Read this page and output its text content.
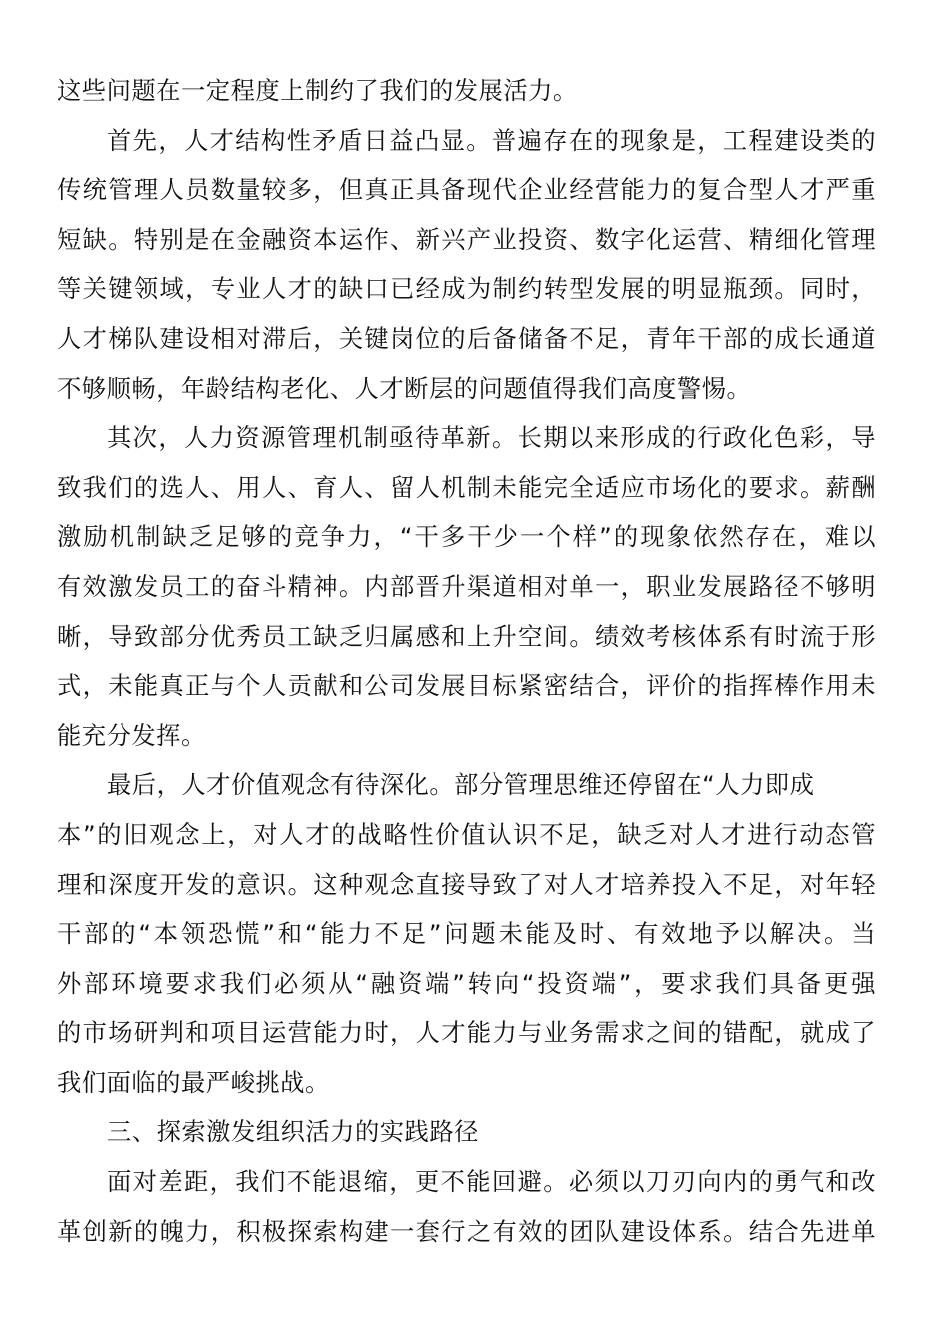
这些问题在一定程度上制约了我们的发展活力。
首先，人才结构性矛盾日益凸显。普遍存在的现象是，工程建设类的
传统管理人员数量较多，但真正具备现代企业经营能力的复合型人才严重
短缺。特别是在金融资本运作、新兴产业投资、数字化运营、精细化管理
等关键领域，专业人才的缺口已经成为制约转型发展的明显瓶颈。同时，
人才梯队建设相对滞后，关键岗位的后备储备不足，青年干部的成长通道
不够顺畅，年龄结构老化、人才断层的问题值得我们高度警惕。
其次，人力资源管理机制亟待革新。长期以来形成的行政化色彩，导
致我们的选人、用人、育人、留人机制未能完全适应市场化的要求。薪酬
激励机制缺乏足够的竞争力，“干多干少一个样”的现象依然存在，难以
有效激发员工的奋斗精神。内部晋升渠道相对单一，职业发展路径不够明
晰，导致部分优秀员工缺乏归属感和上升空间。绩效考核体系有时流于形
式，未能真正与个人贡献和公司发展目标紧密结合，评价的指挥棒作用未
能充分发挥。
最后，人才价值观念有待深化。部分管理思维还停留在“人力即成
本”的旧观念上，对人才的战略性价值认识不足，缺乏对人才进行动态管
理和深度开发的意识。这种观念直接导致了对人才培养投入不足，对年轻
干部的“本领恐慌”和“能力不足”问题未能及时、有效地予以解决。当
外部环境要求我们必须从“融资端”转向“投资端”，要求我们具备更强
的市场研判和项目运营能力时，人才能力与业务需求之间的错配，就成了
我们面临的最严峻挑战。
三、探索激发组织活力的实践路径
面对差距，我们不能退缩，更不能回避。必须以刀刃向内的勇气和改
革创新的魄力，积极探索构建一套行之有效的团队建设体系。结合先进单
